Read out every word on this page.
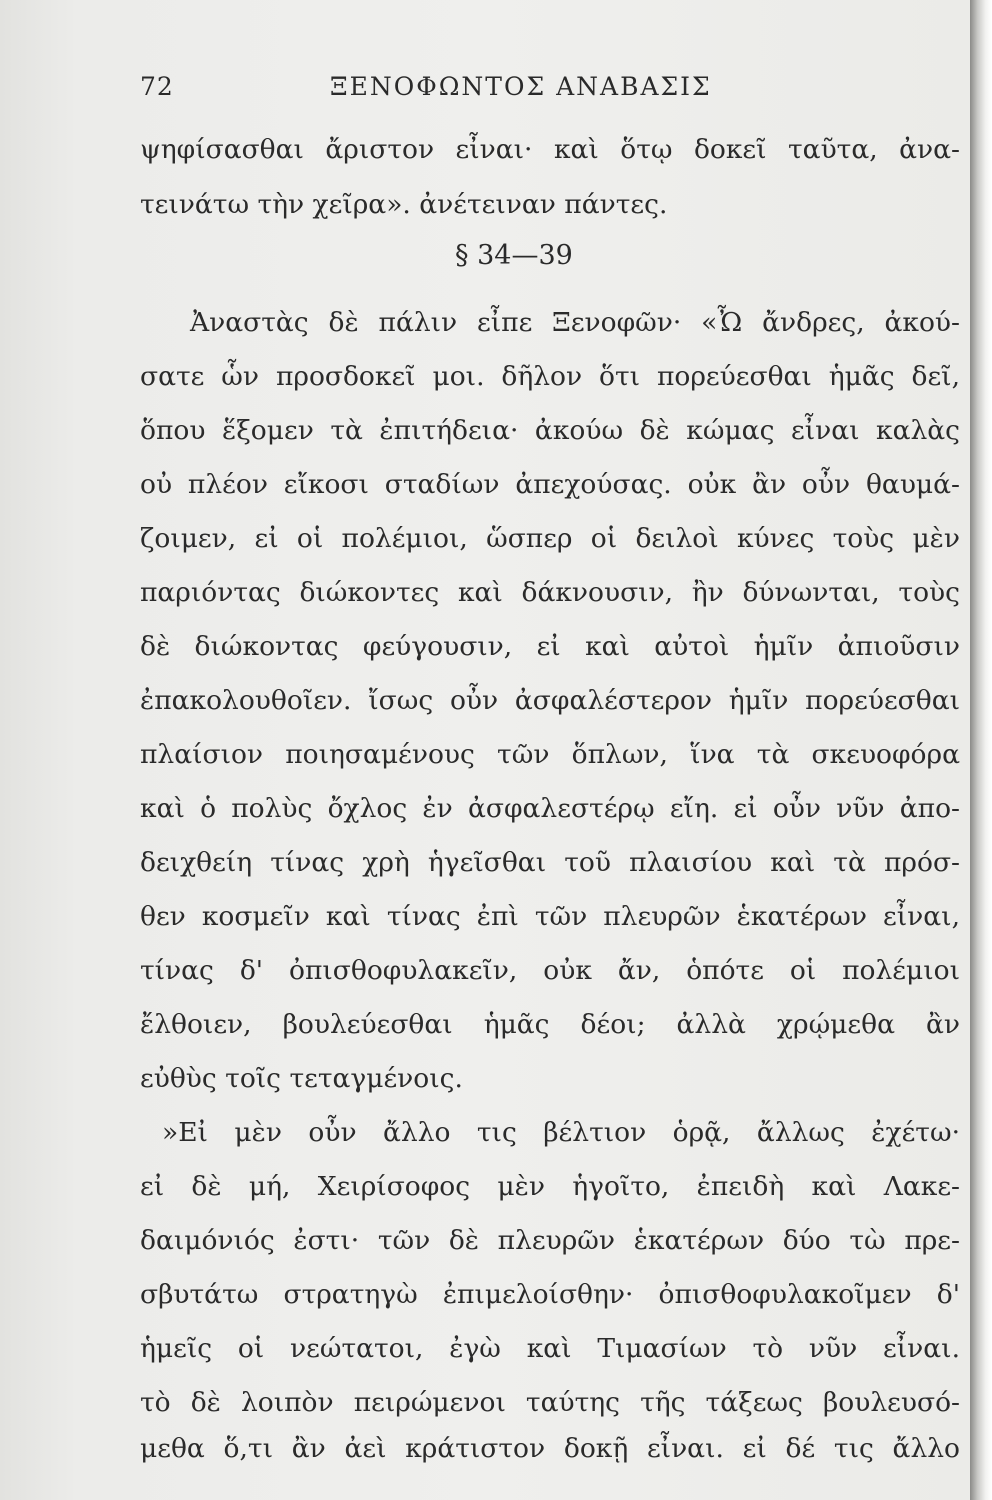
72	ΞΕΝΟΦΩΝΤΟΣ ΑΝΑΒΑΣΙΣ
ψηφίσασθαι ἄριστον εἶναι· καὶ ὅτῳ δοκεῖ ταῦτα, ἀνα-
τεινάτω τὴν χεῖρα». ἀνέτειναν πάντες.
§ 34—39
Ἀναστὰς δὲ πάλιν εἶπε Ξενοφῶν· «Ὦ ἄνδρες, ἀκού-
σατε ὧν προσδοκεῖ μοι. δῆλον ὅτι πορεύεσθαι ἡμᾶς δεῖ,
ὅπου ἕξομεν τὰ ἐπιτήδεια· ἀκούω δὲ κώμας εἶναι καλὰς
οὐ πλέον εἴκοσι σταδίων ἀπεχούσας. οὐκ ἂν οὖν θαυμά-
ζοιμεν, εἰ οἱ πολέμιοι, ὥσπερ οἱ δειλοὶ κύνες τοὺς μὲν
παριόντας διώκοντες καὶ δάκνουσιν, ἢν δύνωνται, τοὺς
δὲ διώκοντας φεύγουσιν, εἰ καὶ αὐτοὶ ἡμῖν ἀπιοῦσιν
ἐπακολουθοῖεν. ἴσως οὖν ἀσφαλέστερον ἡμῖν πορεύεσθαι
πλαίσιον ποιησαμένους τῶν ὅπλων, ἵνα τὰ σκευοφόρα
καὶ ὁ πολὺς ὄχλος ἐν ἀσφαλεστέρῳ εἴη. εἰ οὖν νῦν ἀπο-
δειχθείη τίνας χρὴ ἡγεῖσθαι τοῦ πλαισίου καὶ τὰ πρόσ-
θεν κοσμεῖν καὶ τίνας ἐπὶ τῶν πλευρῶν ἑκατέρων εἶναι,
τίνας δ' ὀπισθοφυλακεῖν, οὐκ ἄν, ὁπότε οἱ πολέμιοι
ἔλθοιεν, βουλεύεσθαι ἡμᾶς δέοι; ἀλλὰ χρῴμεθα ἂν
εὐθὺς τοῖς τεταγμένοις.
»Εἰ μὲν οὖν ἄλλο τις βέλτιον ὁρᾷ, ἄλλως ἐχέτω·
εἰ δὲ μή, Χειρίσοφος μὲν ἡγοῖτο, ἐπειδὴ καὶ Λακε-
δαιμόνιός ἐστι· τῶν δὲ πλευρῶν ἑκατέρων δύο τὼ πρε-
σβυτάτω στρατηγὼ ἐπιμελοίσθην· ὀπισθοφυλακοῖμεν δ'
ἡμεῖς οἱ νεώτατοι, ἐγὼ καὶ Τιμασίων τὸ νῦν εἶναι.
τὸ δὲ λοιπὸν πειρώμενοι ταύτης τῆς τάξεως βουλευσό-
μεθα ὅ,τι ἂν ἀεὶ κράτιστον δοκῇ εἶναι. εἰ δέ τις ἄλλο
